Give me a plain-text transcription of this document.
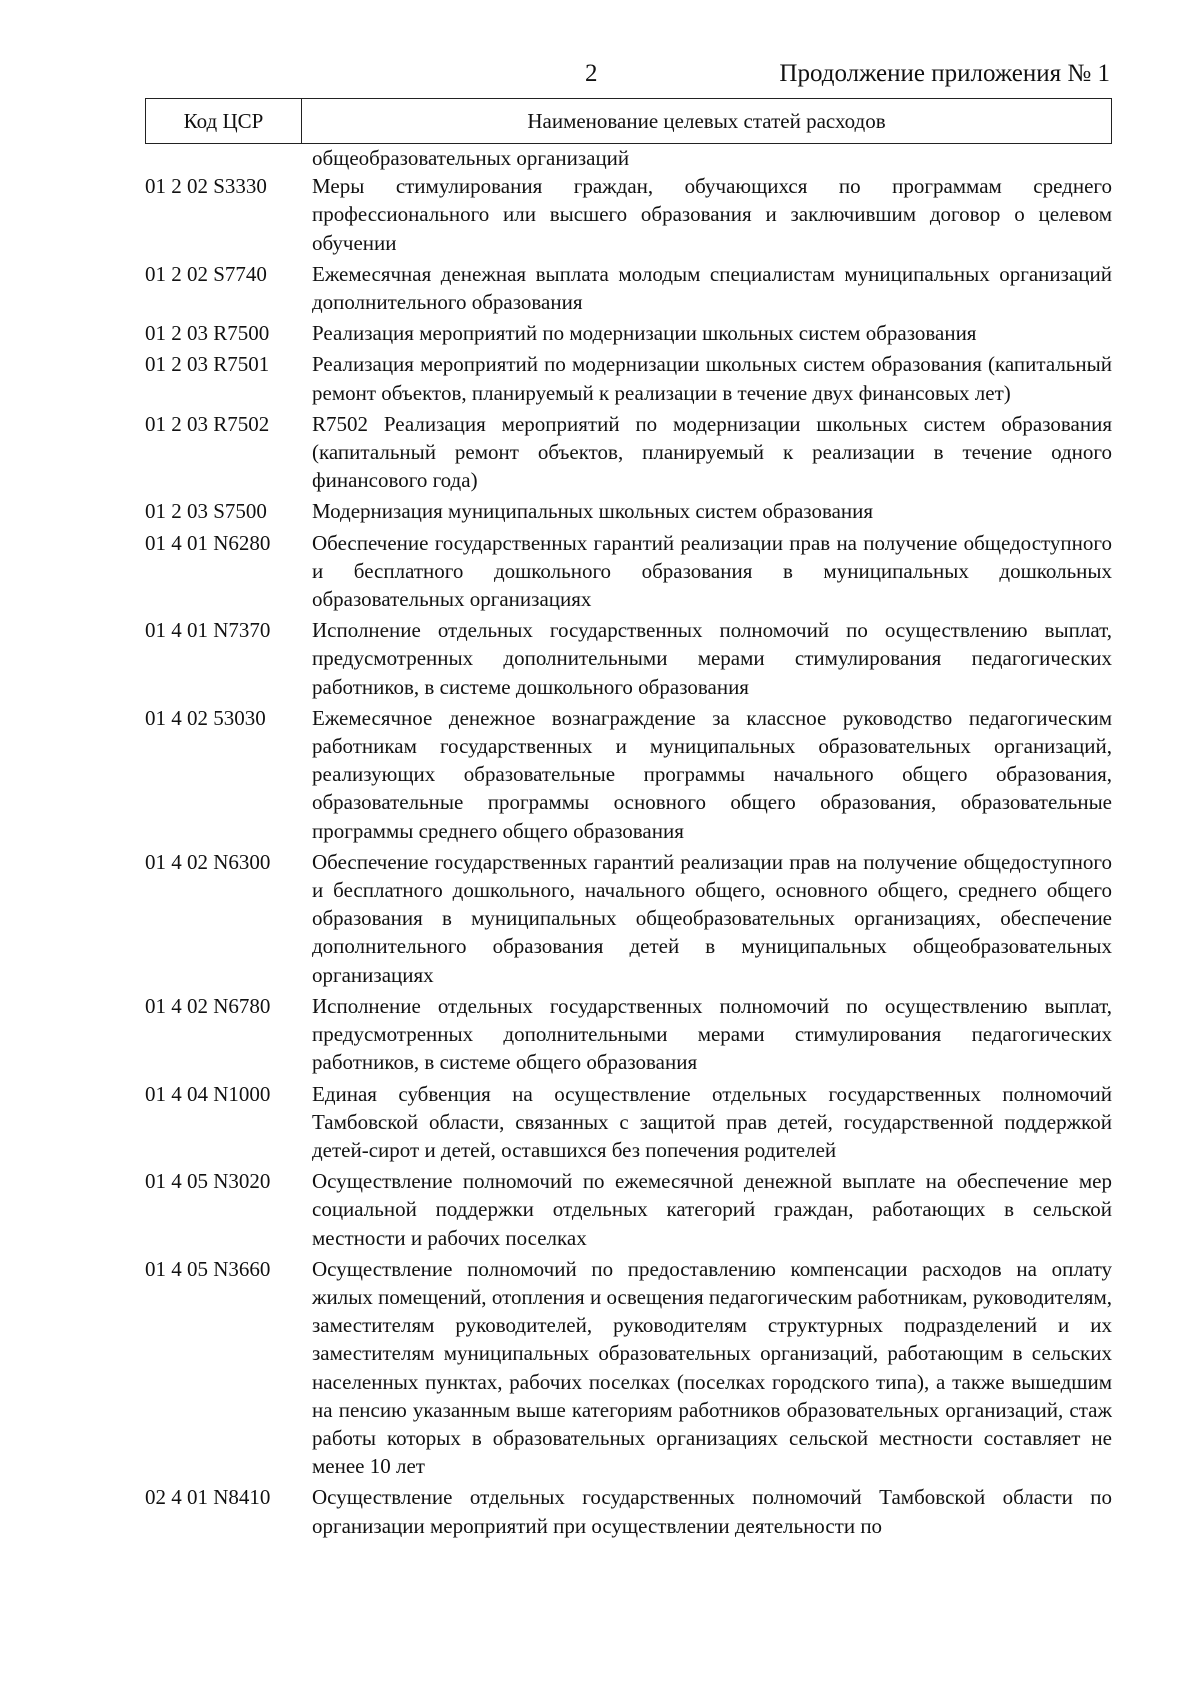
2	Продолжение приложения № 1
Код ЦСР	Наименование целевых статей расходов
общеобразовательных организаций
01 2 02 S3330	Меры стимулирования граждан, обучающихся по программам среднего профессионального или высшего образования и заключившим договор о целевом обучении
01 2 02 S7740	Ежемесячная денежная выплата молодым специалистам муниципальных организаций дополнительного образования
01 2 03 R7500	Реализация мероприятий по модернизации школьных систем образования
01 2 03 R7501	Реализация мероприятий по модернизации школьных систем образования (капитальный ремонт объектов, планируемый к реализации в течение двух финансовых лет)
01 2 03 R7502	R7502 Реализация мероприятий по модернизации школьных систем образования (капитальный ремонт объектов, планируемый к реализации в течение одного финансового года)
01 2 03 S7500	Модернизация муниципальных школьных систем образования
01 4 01 N6280	Обеспечение государственных гарантий реализации прав на получение общедоступного и бесплатного дошкольного образования в муниципальных дошкольных образовательных организациях
01 4 01 N7370	Исполнение отдельных государственных полномочий по осуществлению выплат, предусмотренных дополнительными мерами стимулирования педагогических работников, в системе дошкольного образования
01 4 02 53030	Ежемесячное денежное вознаграждение за классное руководство педагогическим работникам государственных и муниципальных образовательных организаций, реализующих образовательные программы начального общего образования, образовательные программы основного общего образования, образовательные программы среднего общего образования
01 4 02 N6300	Обеспечение государственных гарантий реализации прав на получение общедоступного и бесплатного дошкольного, начального общего, основного общего, среднего общего образования в муниципальных общеобразовательных организациях, обеспечение дополнительного образования детей в муниципальных общеобразовательных организациях
01 4 02 N6780	Исполнение отдельных государственных полномочий по осуществлению выплат, предусмотренных дополнительными мерами стимулирования педагогических работников, в системе общего образования
01 4 04 N1000	Единая субвенция на осуществление отдельных государственных полномочий Тамбовской области, связанных с защитой прав детей, государственной поддержкой детей-сирот и детей, оставшихся без попечения родителей
01 4 05 N3020	Осуществление полномочий по ежемесячной денежной выплате на обеспечение мер социальной поддержки отдельных категорий граждан, работающих в сельской местности и рабочих поселках
01 4 05 N3660	Осуществление полномочий по предоставлению компенсации расходов на оплату жилых помещений, отопления и освещения педагогическим работникам, руководителям, заместителям руководителей, руководителям структурных подразделений и их заместителям муниципальных образовательных организаций, работающим в сельских населенных пунктах, рабочих поселках (поселках городского типа), а также вышедшим на пенсию указанным выше категориям работников образовательных организаций, стаж работы которых в образовательных организациях сельской местности составляет не менее 10 лет
02 4 01 N8410	Осуществление отдельных государственных полномочий Тамбовской области по организации мероприятий при осуществлении деятельности по
